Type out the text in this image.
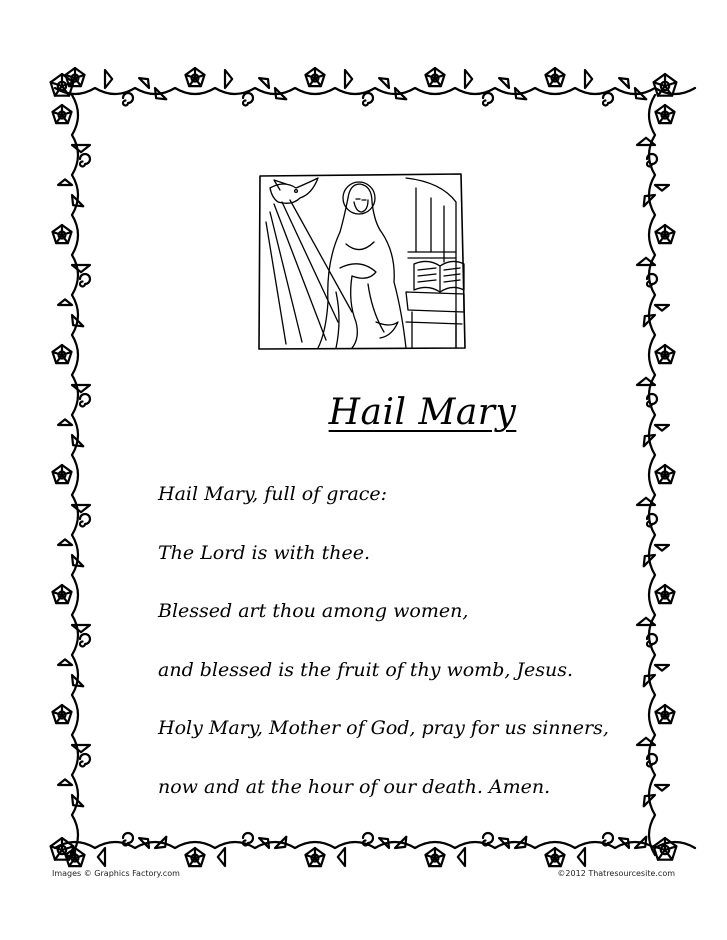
Hail Mary
Hail Mary, full of grace:
The Lord is with thee.
Blessed art thou among women,
and blessed is the fruit of thy womb, Jesus.
Holy Mary, Mother of God, pray for us sinners,
now and at the hour of our death. Amen.
Images © Graphics Factory.com	©2012 Thatresourcesite.com
